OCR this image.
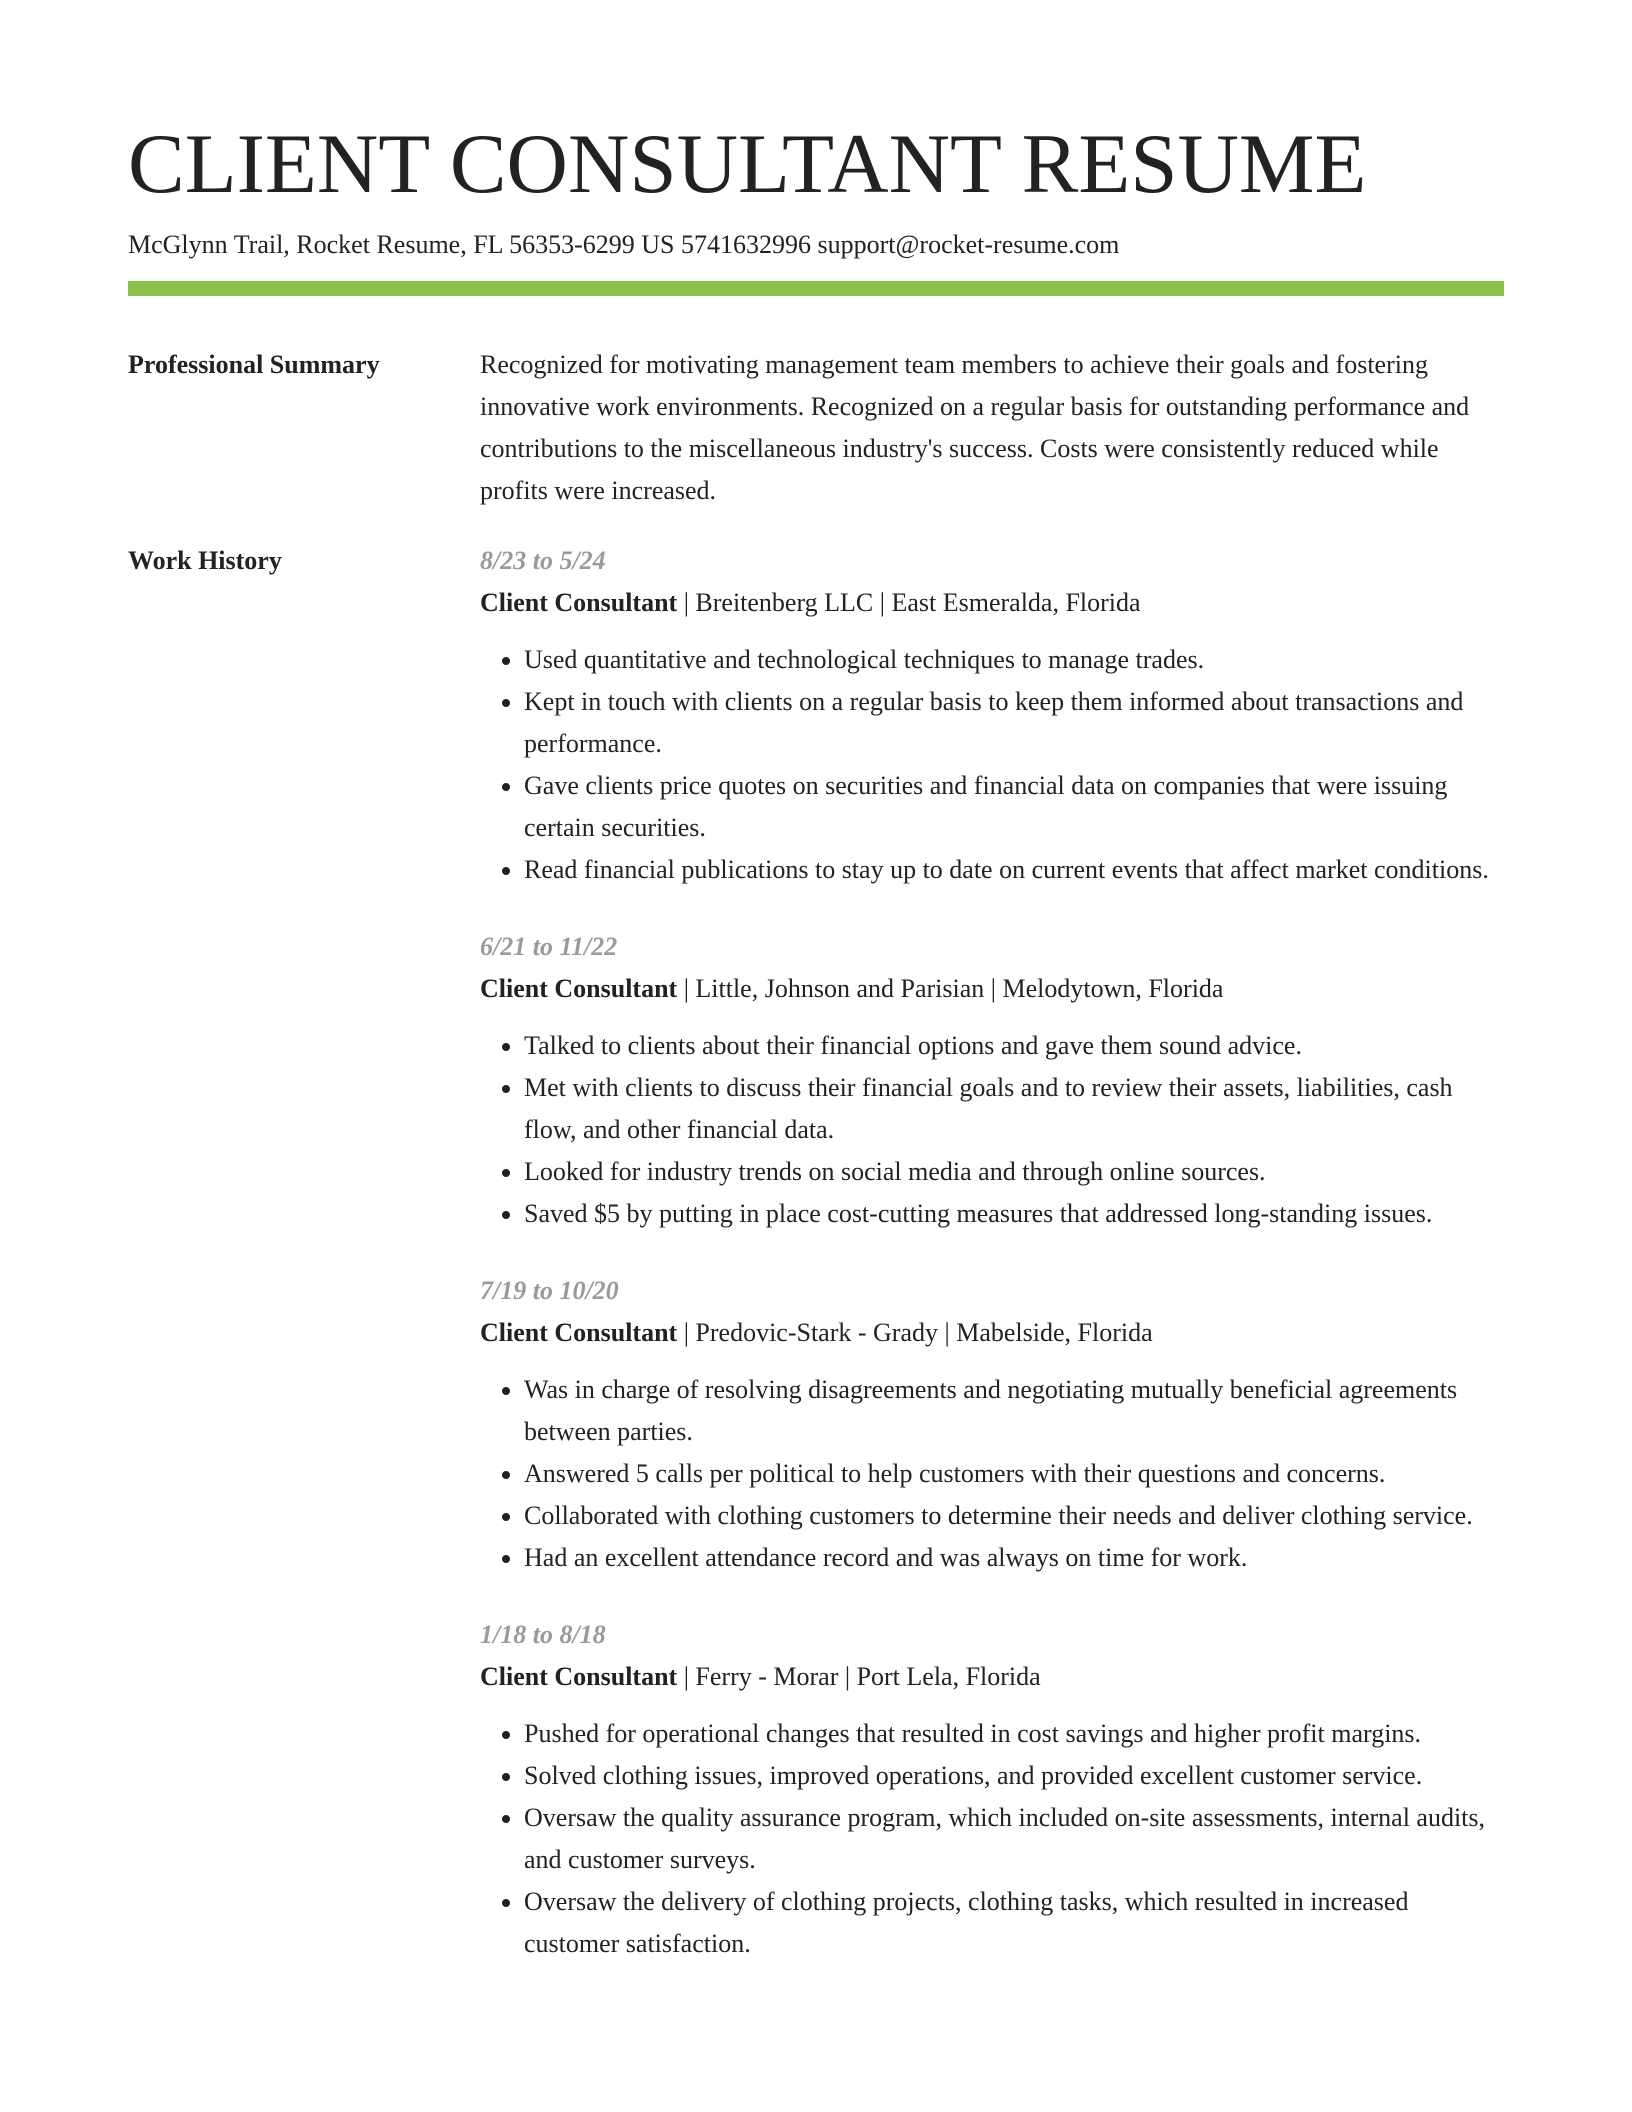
CLIENT CONSULTANT RESUME
McGlynn Trail, Rocket Resume, FL 56353-6299 US 5741632996 support@rocket-resume.com
Professional Summary	Recognized for motivating management team members to achieve their goals and fostering innovative work environments. Recognized on a regular basis for outstanding performance and contributions to the miscellaneous industry's success. Costs were consistently reduced while profits were increased.

Work History	8/23 to 5/24
Client Consultant | Breitenberg LLC | East Esmeralda, Florida
• Used quantitative and technological techniques to manage trades.
• Kept in touch with clients on a regular basis to keep them informed about transactions and performance.
• Gave clients price quotes on securities and financial data on companies that were issuing certain securities.
• Read financial publications to stay up to date on current events that affect market conditions.
6/21 to 11/22
Client Consultant | Little, Johnson and Parisian | Melodytown, Florida
• Talked to clients about their financial options and gave them sound advice.
• Met with clients to discuss their financial goals and to review their assets, liabilities, cash flow, and other financial data.
• Looked for industry trends on social media and through online sources.
• Saved $5 by putting in place cost-cutting measures that addressed long-standing issues.
7/19 to 10/20
Client Consultant | Predovic-Stark - Grady | Mabelside, Florida
• Was in charge of resolving disagreements and negotiating mutually beneficial agreements between parties.
• Answered 5 calls per political to help customers with their questions and concerns.
• Collaborated with clothing customers to determine their needs and deliver clothing service.
• Had an excellent attendance record and was always on time for work.
1/18 to 8/18
Client Consultant | Ferry - Morar | Port Lela, Florida
• Pushed for operational changes that resulted in cost savings and higher profit margins.
• Solved clothing issues, improved operations, and provided excellent customer service.
• Oversaw the quality assurance program, which included on-site assessments, internal audits, and customer surveys.
• Oversaw the delivery of clothing projects, clothing tasks, which resulted in increased customer satisfaction.
